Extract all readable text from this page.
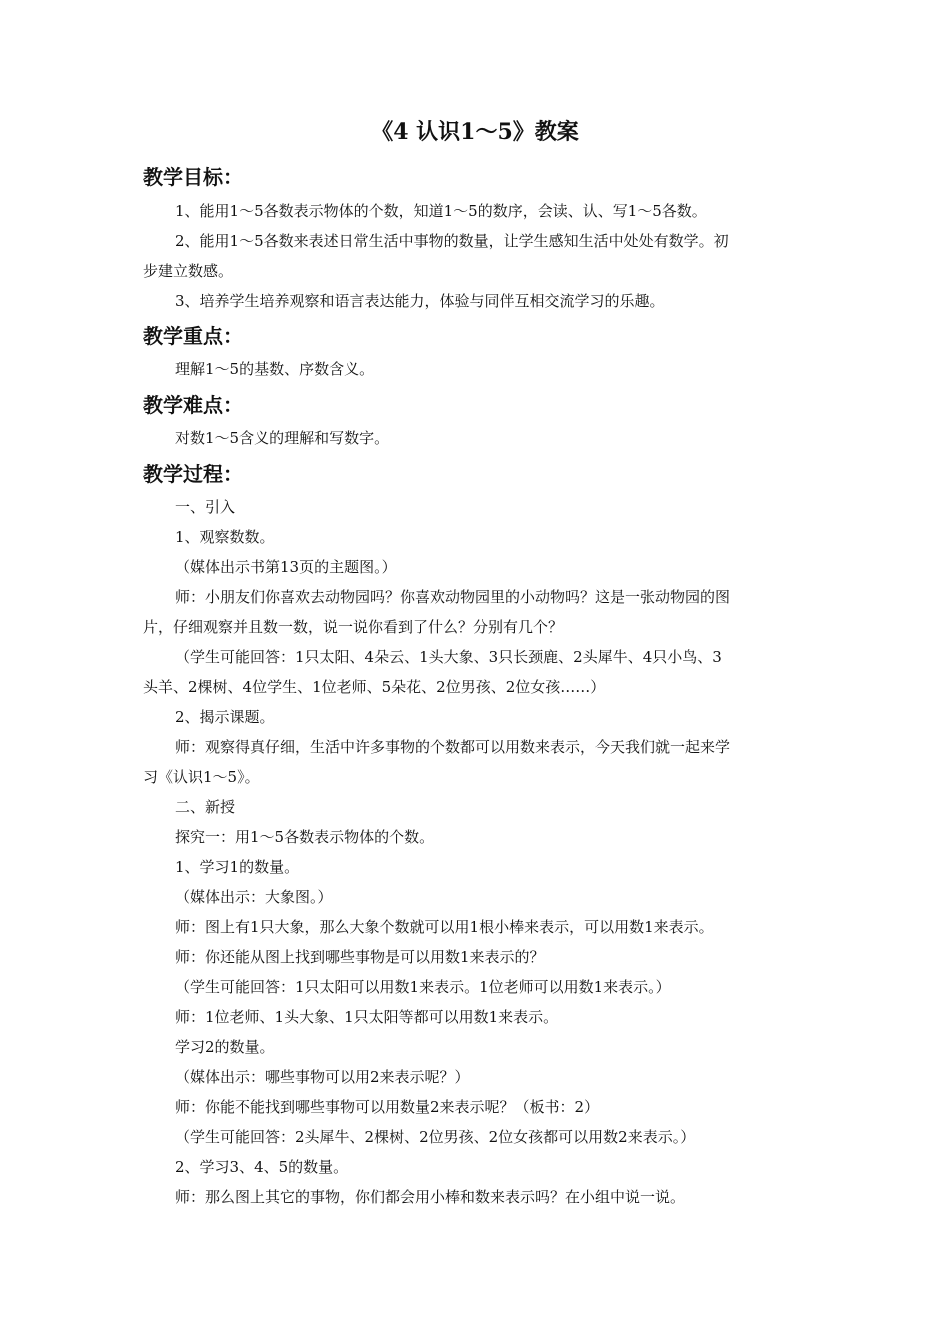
《4 认识1～5》教案
教学目标：
1、能用1～5各数表示物体的个数，知道1～5的数序，会读、认、写1～5各数。
2、能用1～5各数来表述日常生活中事物的数量，让学生感知生活中处处有数学。初
步建立数感。
3、培养学生培养观察和语言表达能力，体验与同伴互相交流学习的乐趣。
教学重点：
理解1～5的基数、序数含义。
教学难点：
对数1～5含义的理解和写数字。
教学过程：
一、引入
1、观察数数。
（媒体出示书第13页的主题图。）
师：小朋友们你喜欢去动物园吗？你喜欢动物园里的小动物吗？这是一张动物园的图
片，仔细观察并且数一数，说一说你看到了什么？分别有几个？
（学生可能回答：1只太阳、4朵云、1头大象、3只长颈鹿、2头犀牛、4只小鸟、3
头羊、2棵树、4位学生、1位老师、5朵花、2位男孩、2位女孩……）
2、揭示课题。
师：观察得真仔细，生活中许多事物的个数都可以用数来表示，今天我们就一起来学
习《认识1～5》。
二、新授
探究一：用1～5各数表示物体的个数。
1、学习1的数量。
（媒体出示：大象图。）
师：图上有1只大象，那么大象个数就可以用1根小棒来表示，可以用数1来表示。
师：你还能从图上找到哪些事物是可以用数1来表示的？
（学生可能回答：1只太阳可以用数1来表示。1位老师可以用数1来表示。）
师：1位老师、1头大象、1只太阳等都可以用数1来表示。
学习2的数量。
（媒体出示：哪些事物可以用2来表示呢？）
师：你能不能找到哪些事物可以用数量2来表示呢？（板书：2）
（学生可能回答：2头犀牛、2棵树、2位男孩、2位女孩都可以用数2来表示。）
2、学习3、4、5的数量。
师：那么图上其它的事物，你们都会用小棒和数来表示吗？在小组中说一说。
